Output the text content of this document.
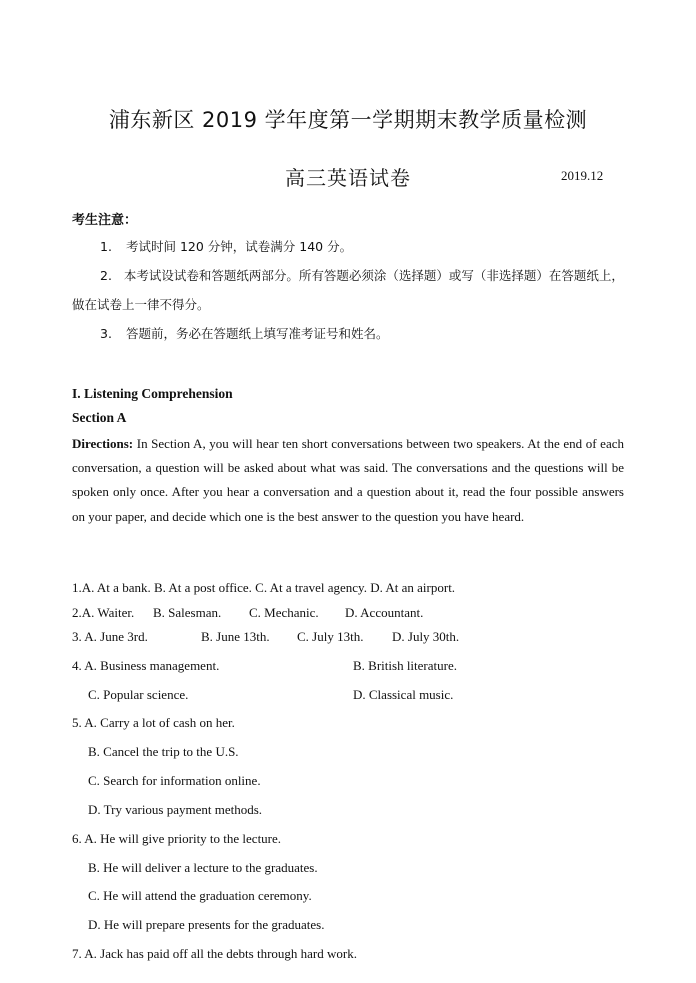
浦东新区 2019 学年度第一学期期末教学质量检测
高三英语试卷	2019.12
考生注意：
1. 考试时间 120 分钟，试卷满分 140 分。
2. 本考试设试卷和答题纸两部分。所有答题必须涂（选择题）或写（非选择题）在答题纸上，做在试卷上一律不得分。
3. 答题前，务必在答题纸上填写准考证号和姓名。
I. Listening Comprehension
Section A
Directions: In Section A, you will hear ten short conversations between two speakers. At the end of each conversation, a question will be asked about what was said. The conversations and the questions will be spoken only once. After you hear a conversation and a question about it, read the four possible answers on your paper, and decide which one is the best answer to the question you have heard.
1.A. At a bank. B. At a post office. C. At a travel agency. D. At an airport.
2.A. Waiter. B. Salesman. C. Mechanic. D. Accountant.
3. A. June 3rd.	B. June 13th. C. July 13th. D. July 30th.
4. A. Business management.	B. British literature.
C. Popular science.	D. Classical music.
5. A. Carry a lot of cash on her.
B. Cancel the trip to the U.S.
C. Search for information online.
D. Try various payment methods.
6. A. He will give priority to the lecture.
B. He will deliver a lecture to the graduates.
C. He will attend the graduation ceremony.
D. He will prepare presents for the graduates.
7. A. Jack has paid off all the debts through hard work.
